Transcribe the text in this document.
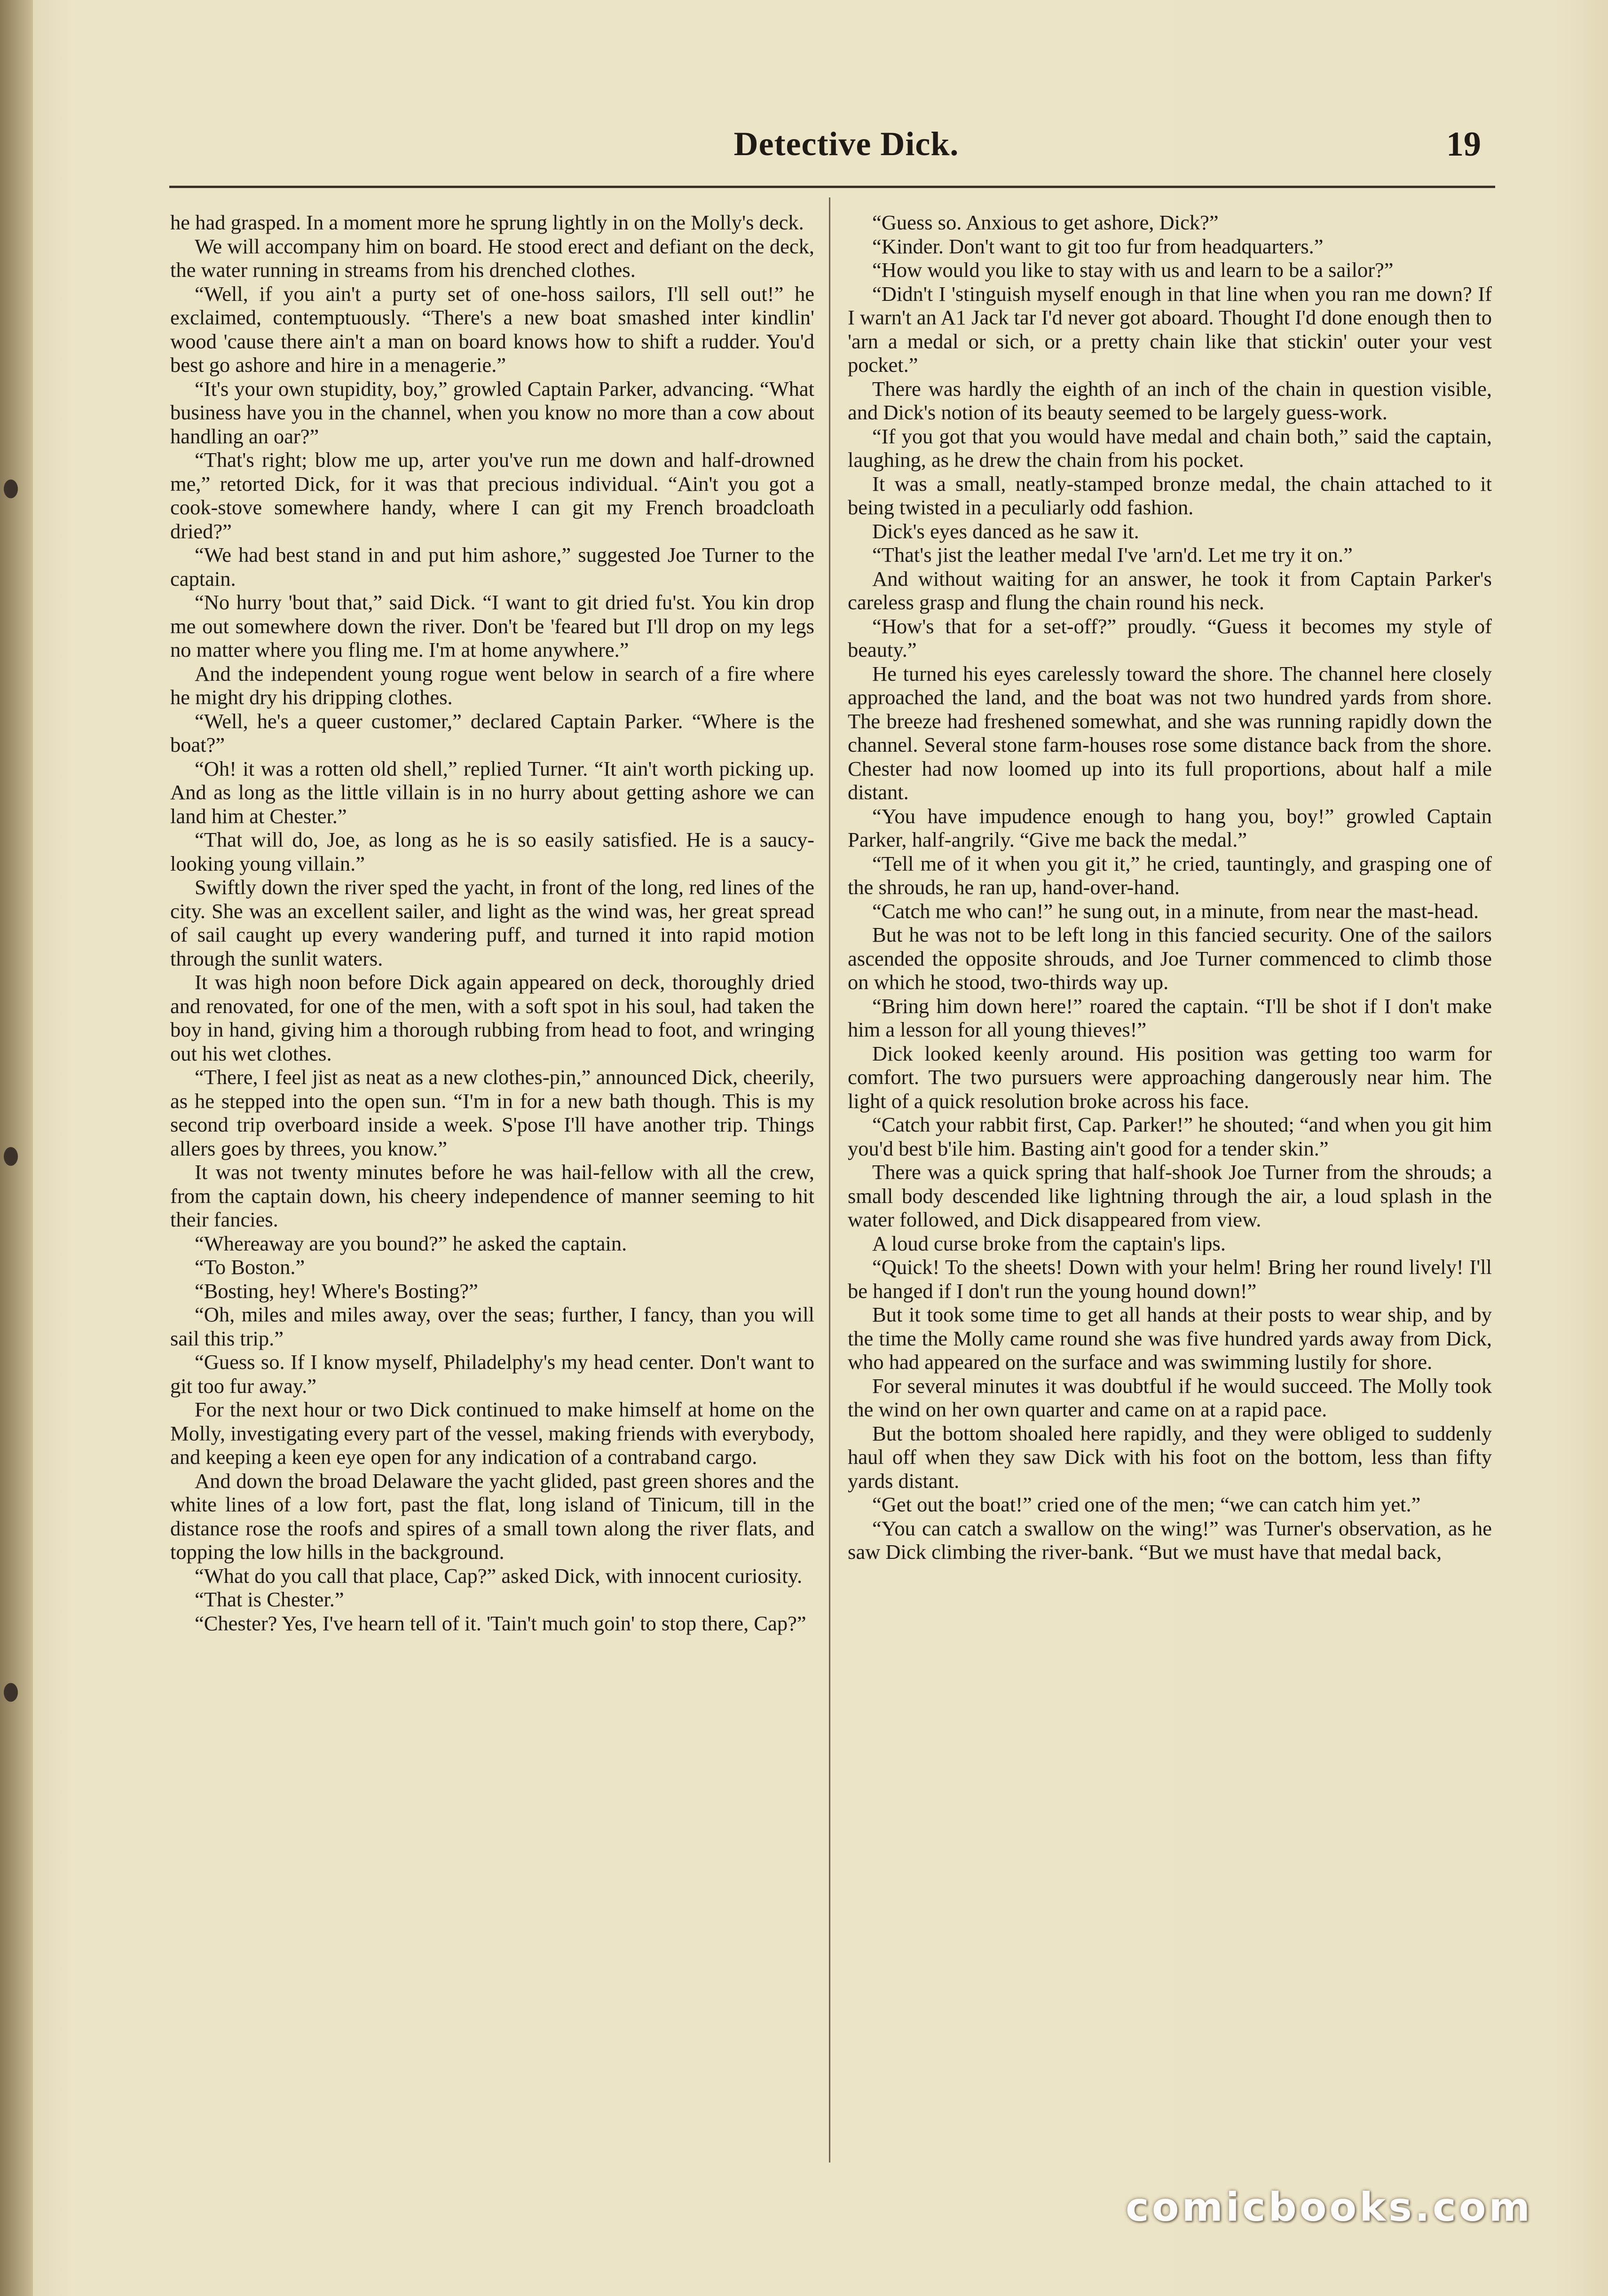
Detective Dick.	19

he had grasped. In a moment more he sprung lightly in on the Molly's deck.

We will accompany him on board. He stood erect and defiant on the deck, the water running in streams from his drenched clothes.

“Well, if you ain't a purty set of one-hoss sailors, I'll sell out!” he exclaimed, contemptuously. “There's a new boat smashed inter kindlin' wood 'cause there ain't a man on board knows how to shift a rudder. You'd best go ashore and hire in a menagerie.”

“It's your own stupidity, boy,” growled Captain Parker, advancing. “What business have you in the channel, when you know no more than a cow about handling an oar?”

“That's right; blow me up, arter you've run me down and half-drowned me,” retorted Dick, for it was that precious individual. “Ain't you got a cook-stove somewhere handy, where I can git my French broadcloath dried?”

“We had best stand in and put him ashore,” suggested Joe Turner to the captain.

“No hurry 'bout that,” said Dick. “I want to git dried fu'st. You kin drop me out somewhere down the river. Don't be 'feared but I'll drop on my legs no matter where you fling me. I'm at home anywhere.”

And the independent young rogue went below in search of a fire where he might dry his dripping clothes.

“Well, he's a queer customer,” declared Captain Parker. “Where is the boat?”

“Oh! it was a rotten old shell,” replied Turner. “It ain't worth picking up. And as long as the little villain is in no hurry about getting ashore we can land him at Chester.”

“That will do, Joe, as long as he is so easily satisfied. He is a saucy-looking young villain.”

Swiftly down the river sped the yacht, in front of the long, red lines of the city. She was an excellent sailer, and light as the wind was, her great spread of sail caught up every wandering puff, and turned it into rapid motion through the sunlit waters.

It was high noon before Dick again appeared on deck, thoroughly dried and renovated, for one of the men, with a soft spot in his soul, had taken the boy in hand, giving him a thorough rubbing from head to foot, and wringing out his wet clothes.

“There, I feel jist as neat as a new clothes-pin,” announced Dick, cheerily, as he stepped into the open sun. “I'm in for a new bath though. This is my second trip overboard inside a week. S'pose I'll have another trip. Things allers goes by threes, you know.”

It was not twenty minutes before he was hail-fellow with all the crew, from the captain down, his cheery independence of manner seeming to hit their fancies.

“Whereaway are you bound?” he asked the captain.

“To Boston.”

“Bosting, hey! Where's Bosting?”

“Oh, miles and miles away, over the seas; further, I fancy, than you will sail this trip.”

“Guess so. If I know myself, Philadelphy's my head center. Don't want to git too fur away.”

For the next hour or two Dick continued to make himself at home on the Molly, investigating every part of the vessel, making friends with everybody, and keeping a keen eye open for any indication of a contraband cargo.

And down the broad Delaware the yacht glided, past green shores and the white lines of a low fort, past the flat, long island of Tinicum, till in the distance rose the roofs and spires of a small town along the river flats, and topping the low hills in the background.

“What do you call that place, Cap?” asked Dick, with innocent curiosity.

“That is Chester.”

“Chester? Yes, I've hearn tell of it. 'Tain't much goin' to stop there, Cap?”

“Guess so. Anxious to get ashore, Dick?”

“Kinder. Don't want to git too fur from headquarters.”

“How would you like to stay with us and learn to be a sailor?”

“Didn't I 'stinguish myself enough in that line when you ran me down? If I warn't an A1 Jack tar I'd never got aboard. Thought I'd done enough then to 'arn a medal or sich, or a pretty chain like that stickin' outer your vest pocket.”

There was hardly the eighth of an inch of the chain in question visible, and Dick's notion of its beauty seemed to be largely guess-work.

“If you got that you would have medal and chain both,” said the captain, laughing, as he drew the chain from his pocket.

It was a small, neatly-stamped bronze medal, the chain attached to it being twisted in a peculiarly odd fashion.

Dick's eyes danced as he saw it.

“That's jist the leather medal I've 'arn'd. Let me try it on.”

And without waiting for an answer, he took it from Captain Parker's careless grasp and flung the chain round his neck.

“How's that for a set-off?” proudly. “Guess it becomes my style of beauty.”

He turned his eyes carelessly toward the shore. The channel here closely approached the land, and the boat was not two hundred yards from shore. The breeze had freshened somewhat, and she was running rapidly down the channel. Several stone farm-houses rose some distance back from the shore. Chester had now loomed up into its full proportions, about half a mile distant.

“You have impudence enough to hang you, boy!” growled Captain Parker, half-angrily. “Give me back the medal.”

“Tell me of it when you git it,” he cried, tauntingly, and grasping one of the shrouds, he ran up, hand-over-hand.

“Catch me who can!” he sung out, in a minute, from near the mast-head.

But he was not to be left long in this fancied security. One of the sailors ascended the opposite shrouds, and Joe Turner commenced to climb those on which he stood, two-thirds way up.

“Bring him down here!” roared the captain. “I'll be shot if I don't make him a lesson for all young thieves!”

Dick looked keenly around. His position was getting too warm for comfort. The two pursuers were approaching dangerously near him. The light of a quick resolution broke across his face.

“Catch your rabbit first, Cap. Parker!” he shouted; “and when you git him you'd best b'ile him. Basting ain't good for a tender skin.”

There was a quick spring that half-shook Joe Turner from the shrouds; a small body descended like lightning through the air, a loud splash in the water followed, and Dick disappeared from view.

A loud curse broke from the captain's lips.

“Quick! To the sheets! Down with your helm! Bring her round lively! I'll be hanged if I don't run the young hound down!”

But it took some time to get all hands at their posts to wear ship, and by the time the Molly came round she was five hundred yards away from Dick, who had appeared on the surface and was swimming lustily for shore.

For several minutes it was doubtful if he would succeed. The Molly took the wind on her own quarter and came on at a rapid pace.

But the bottom shoaled here rapidly, and they were obliged to suddenly haul off when they saw Dick with his foot on the bottom, less than fifty yards distant.

“Get out the boat!” cried one of the men; “we can catch him yet.”

“You can catch a swallow on the wing!” was Turner's observation, as he saw Dick climbing the river-bank. “But we must have that medal back,

comicbooks.com
